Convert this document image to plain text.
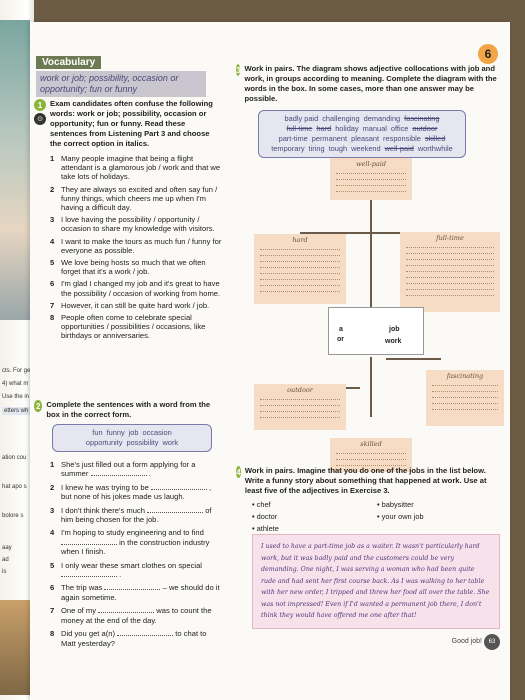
cts. For ge
4) what m
Use the in
etters wh
ation cou
hat apo s
bolore s
aay
ad
is
6
Vocabulary
work or job; possibility, occasion or opportunity; fun or funny
1
⊙
Exam candidates often confuse the following words: work or job; possibility, occasion or opportunity; fun or funny. Read these sentences from Listening Part 3 and choose the correct option in italics.
1 Many people imagine that being a flight attendant is a glamorous job / work and that we take lots of holidays.
2 They are always so excited and often say fun / funny things, which cheers me up when I'm having a difficult day.
3 I love having the possibility / opportunity / occasion to share my knowledge with visitors.
4 I want to make the tours as much fun / funny for everyone as possible.
5 We love being hosts so much that we often forget that it's a work / job.
6 I'm glad I changed my job and it's great to have the possibility / occasion of working from home.
7 However, it can still be quite hard work / job.
8 People often come to celebrate special opportunities / possibilities / occasions, like birthdays or anniversaries.
2 Complete the sentences with a word from the box in the correct form.
fun funny job occasion
opportunity possibility work
1 She's just filled out a form applying for a summer	.
2 I knew he was trying to be	, but none of his jokes made us laugh.
3 I don't think there's much	of him being chosen for the job.
4 I'm hoping to study engineering and to find  in the construction industry when I finish.
5 I only wear these smart clothes on special  .
6 The trip was	– we should do it again sometime.
7 One of my	was to count the money at the end of the day.
8 Did you get a(n)	to chat to Matt yesterday?
3 Work in pairs. The diagram shows adjective collocations with job and work, in groups according to meaning. Complete the diagram with the words in the box. In some cases, more than one answer may be possible.
badly paid challenging demanding fascinating
full-time hard holiday manual office outdoor
part-time permanent pleasant responsible skilled
temporary tiring tough weekend well-paid worthwhile
well-paid
hard	full-time
a
or
job
work
outdoor
fascinating
skilled
4 Work in pairs. Imagine that you do one of the jobs in the list below. Write a funny story about something that happened at work. Use at least five of the adjectives in Exercise 3.
• chef	• babysitter
• doctor	• your own job
• athlete
I used to have a part-time job as a waiter. It wasn't particularly hard work, but it was badly paid and the customers could be very demanding. One night, I was serving a woman who had been quite rude and had sent her first course back. As I was walking to her table with her new order, I tripped and threw her food all over the table. She was not impressed! Even if I'd wanted a permanent job there, I don't think they would have offered me one after that!
Good job!	63
